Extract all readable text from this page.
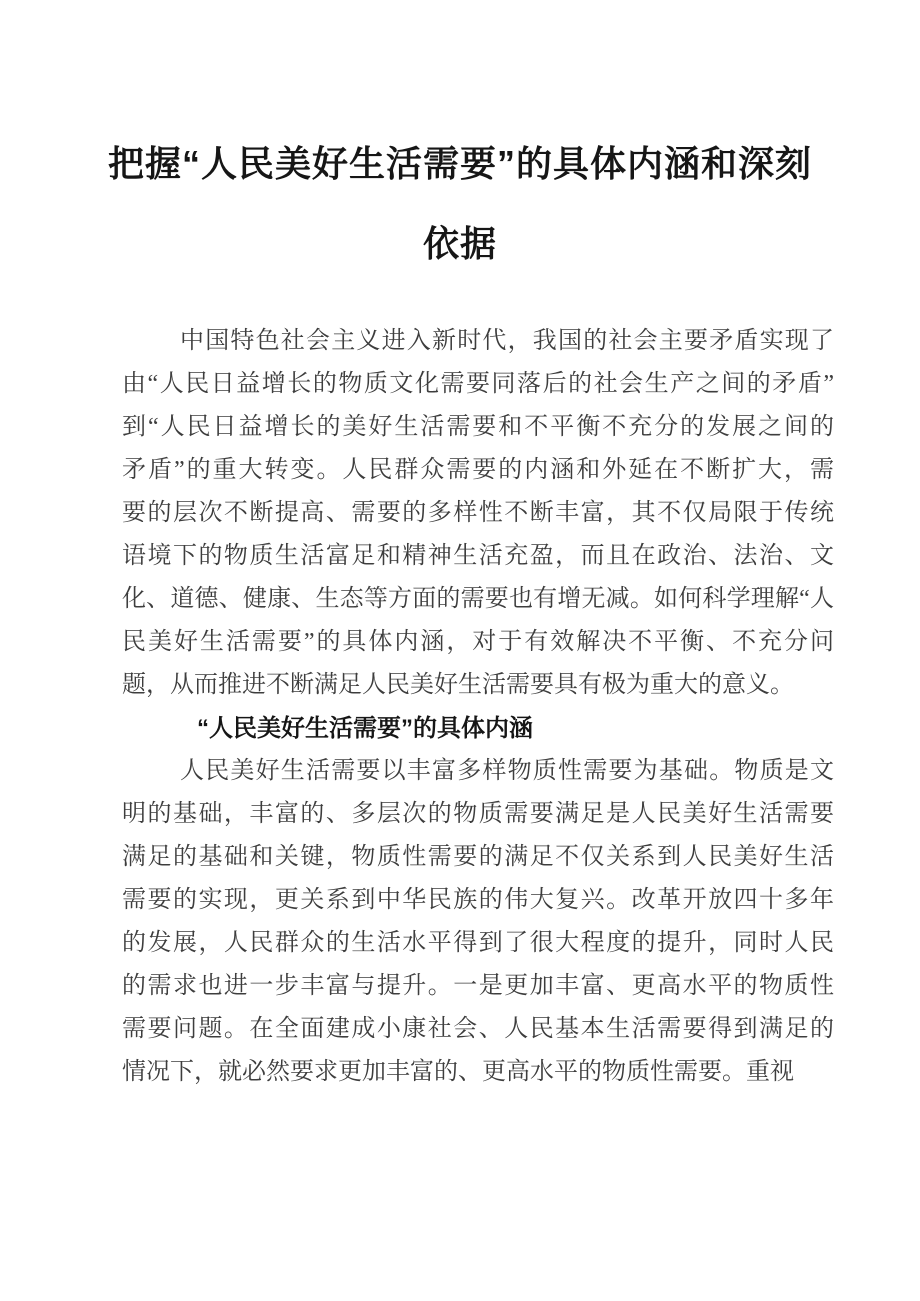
把握“人民美好生活需要”的具体内涵和深刻
依据
中国特色社会主义进入新时代，我国的社会主要矛盾实现了
由“人民日益增长的物质文化需要同落后的社会生产之间的矛盾”
到“人民日益增长的美好生活需要和不平衡不充分的发展之间的
矛盾”的重大转变。人民群众需要的内涵和外延在不断扩大，需
要的层次不断提高、需要的多样性不断丰富，其不仅局限于传统
语境下的物质生活富足和精神生活充盈，而且在政治、法治、文
化、道德、健康、生态等方面的需要也有增无减。如何科学理解“人
民美好生活需要”的具体内涵，对于有效解决不平衡、不充分问
题，从而推进不断满足人民美好生活需要具有极为重大的意义。
“人民美好生活需要”的具体内涵
人民美好生活需要以丰富多样物质性需要为基础。物质是文
明的基础，丰富的、多层次的物质需要满足是人民美好生活需要
满足的基础和关键，物质性需要的满足不仅关系到人民美好生活
需要的实现，更关系到中华民族的伟大复兴。改革开放四十多年
的发展，人民群众的生活水平得到了很大程度的提升，同时人民
的需求也进一步丰富与提升。一是更加丰富、更高水平的物质性
需要问题。在全面建成小康社会、人民基本生活需要得到满足的
情况下，就必然要求更加丰富的、更高水平的物质性需要。重视
